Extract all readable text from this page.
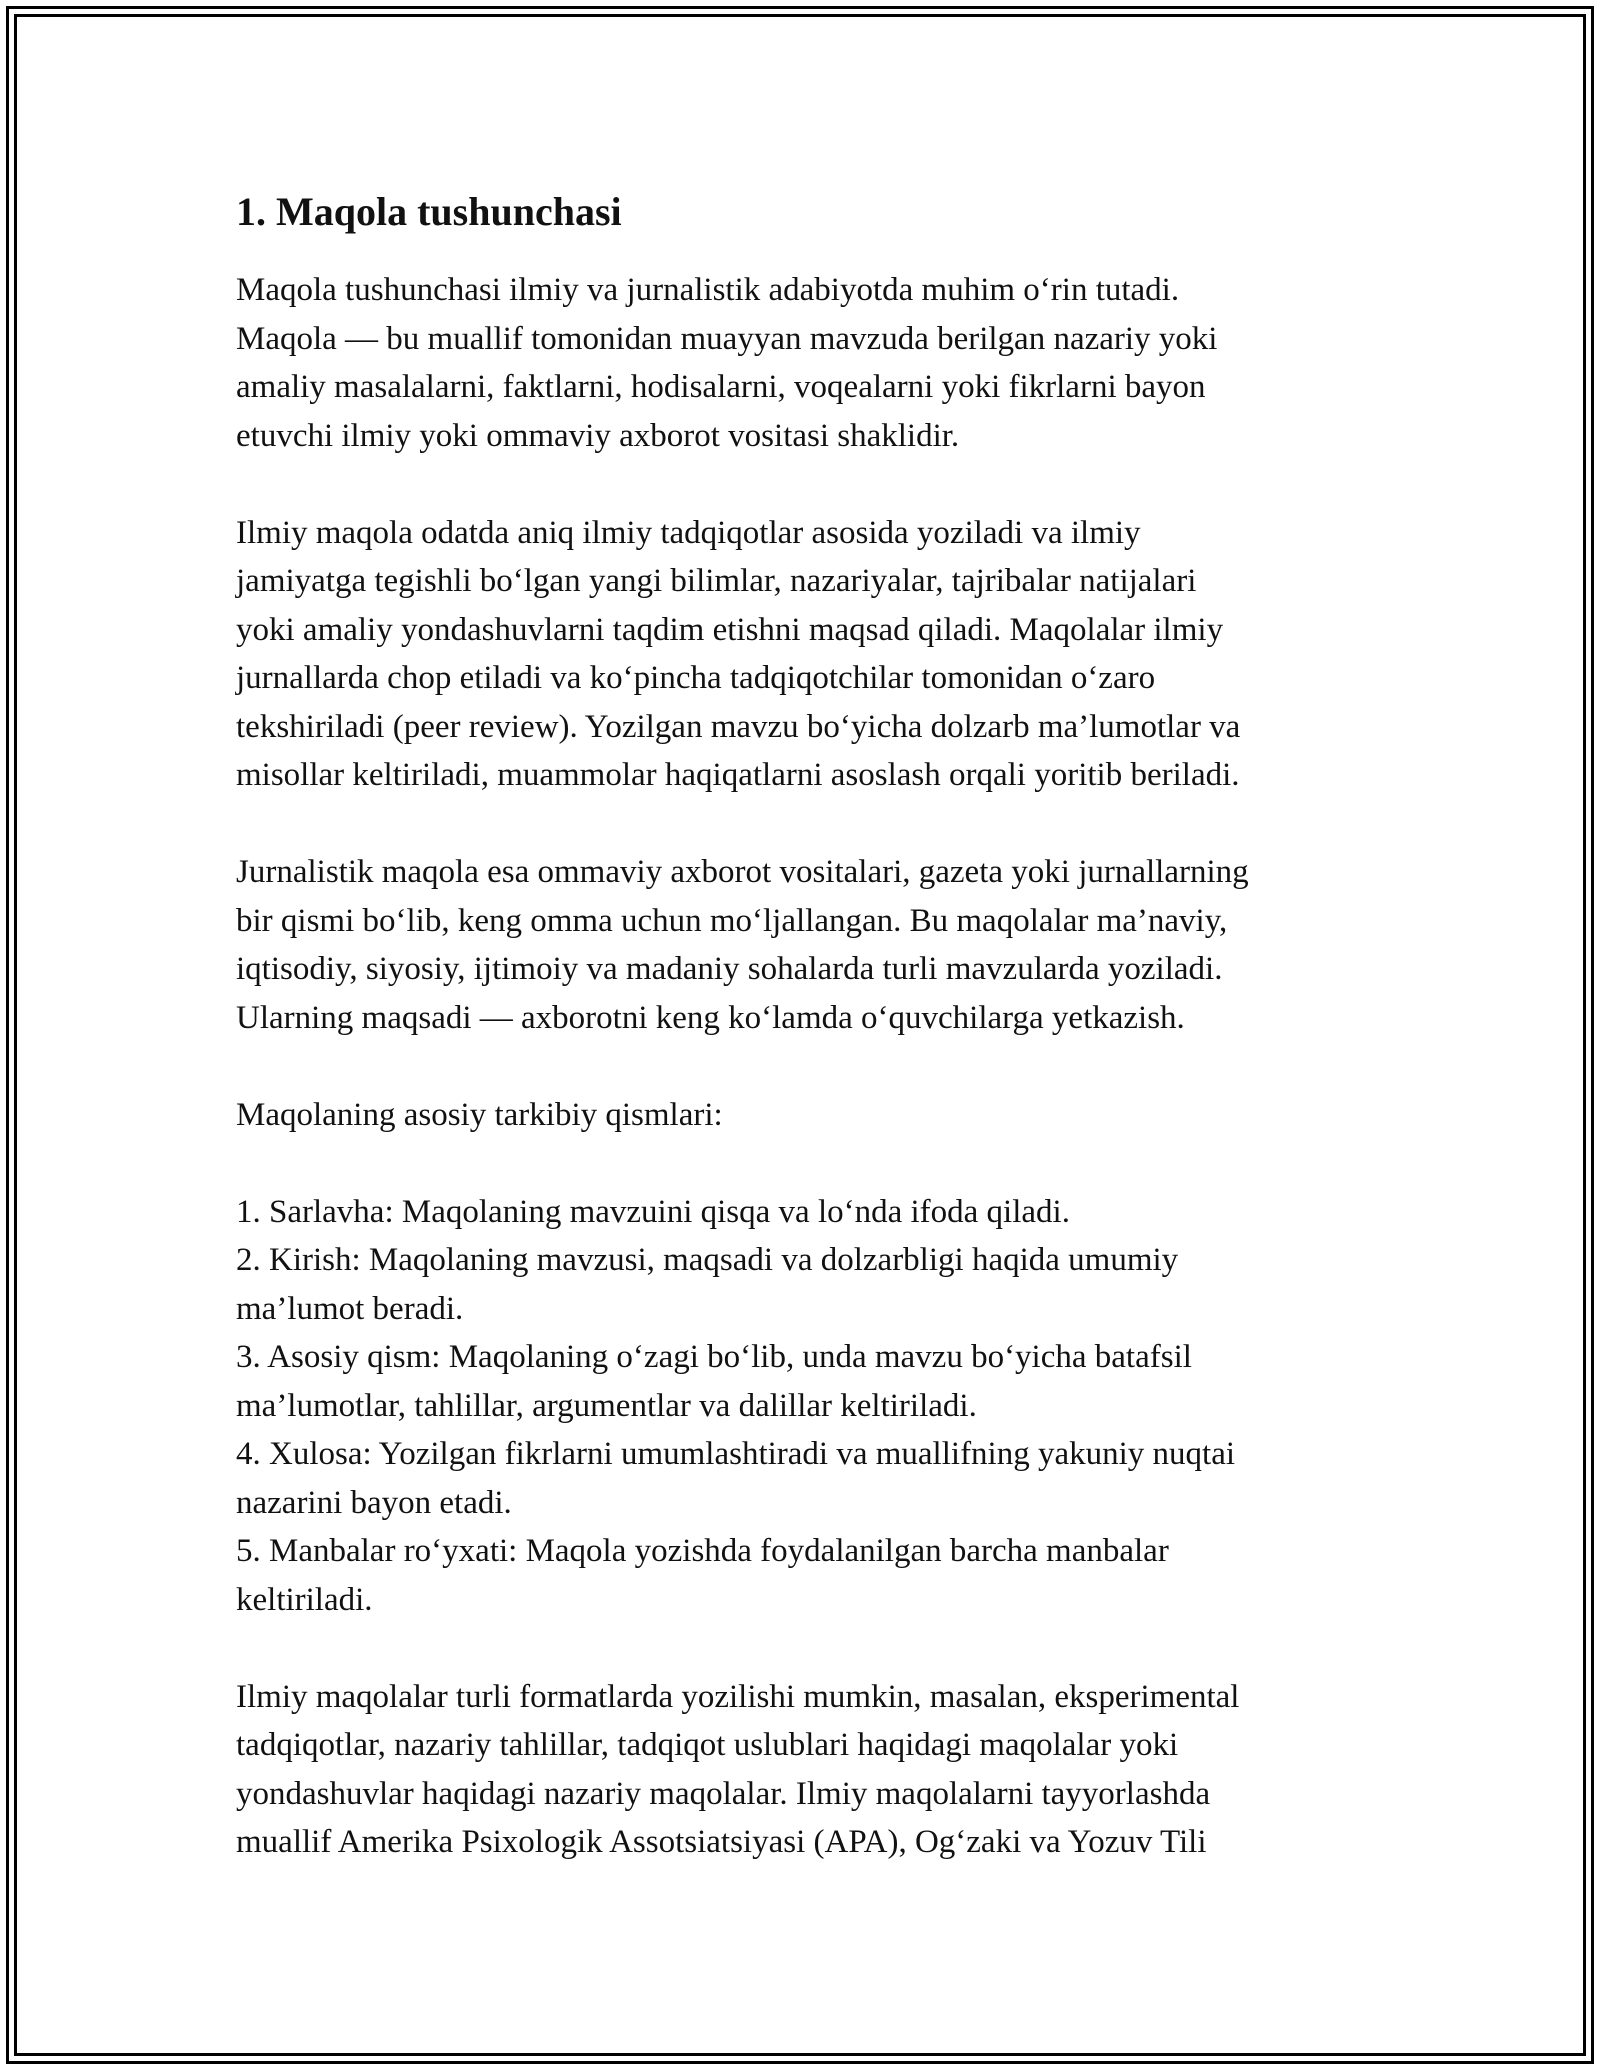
1. Maqola tushunchasi

Maqola tushunchasi ilmiy va jurnalistik adabiyotda muhim o‘rin tutadi.
Maqola — bu muallif tomonidan muayyan mavzuda berilgan nazariy yoki
amaliy masalalarni, faktlarni, hodisalarni, voqealarni yoki fikrlarni bayon
etuvchi ilmiy yoki ommaviy axborot vositasi shaklidir.

Ilmiy maqola odatda aniq ilmiy tadqiqotlar asosida yoziladi va ilmiy
jamiyatga tegishli bo‘lgan yangi bilimlar, nazariyalar, tajribalar natijalari
yoki amaliy yondashuvlarni taqdim etishni maqsad qiladi. Maqolalar ilmiy
jurnallarda chop etiladi va ko‘pincha tadqiqotchilar tomonidan o‘zaro
tekshiriladi (peer review). Yozilgan mavzu bo‘yicha dolzarb ma’lumotlar va
misollar keltiriladi, muammolar haqiqatlarni asoslash orqali yoritib beriladi.

Jurnalistik maqola esa ommaviy axborot vositalari, gazeta yoki jurnallarning
bir qismi bo‘lib, keng omma uchun mo‘ljallangan. Bu maqolalar ma’naviy,
iqtisodiy, siyosiy, ijtimoiy va madaniy sohalarda turli mavzularda yoziladi.
Ularning maqsadi — axborotni keng ko‘lamda o‘quvchilarga yetkazish.

Maqolaning asosiy tarkibiy qismlari:

1. Sarlavha: Maqolaning mavzuini qisqa va lo‘nda ifoda qiladi.
2. Kirish: Maqolaning mavzusi, maqsadi va dolzarbligi haqida umumiy
ma’lumot beradi.
3. Asosiy qism: Maqolaning o‘zagi bo‘lib, unda mavzu bo‘yicha batafsil
ma’lumotlar, tahlillar, argumentlar va dalillar keltiriladi.
4. Xulosa: Yozilgan fikrlarni umumlashtiradi va muallifning yakuniy nuqtai
nazarini bayon etadi.
5. Manbalar ro‘yxati: Maqola yozishda foydalanilgan barcha manbalar
keltiriladi.

Ilmiy maqolalar turli formatlarda yozilishi mumkin, masalan, eksperimental
tadqiqotlar, nazariy tahlillar, tadqiqot uslublari haqidagi maqolalar yoki
yondashuvlar haqidagi nazariy maqolalar. Ilmiy maqolalarni tayyorlashda
muallif Amerika Psixologik Assotsiatsiyasi (APA), Og‘zaki va Yozuv Tili
